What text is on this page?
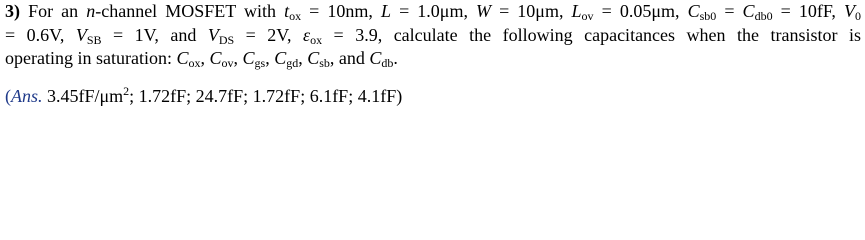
3) For an n-channel MOSFET with $t_{ox} = 10nm$, L = 1.0μm, W = 10μm, $L_{ov} = 0.05\mu m$, $C_{sb0} = C_{db0} = 10fF$, $V_0$
= 0.6V, $V_{SB} = 1V$, and $V_{DS} = 2V$, $\varepsilon_{ox} = 3.9$, calculate the following capacitances when the transistor is
operating in saturation: $C_{ox}$, $C_{ov}$, $C_{gs}$, $C_{gd}$, $C_{sb}$, and $C_{db}$.
(Ans. $3.45fF/\mu m^2$; 1.72fF; 24.7fF; 1.72fF; 6.1fF; 4.1fF)
